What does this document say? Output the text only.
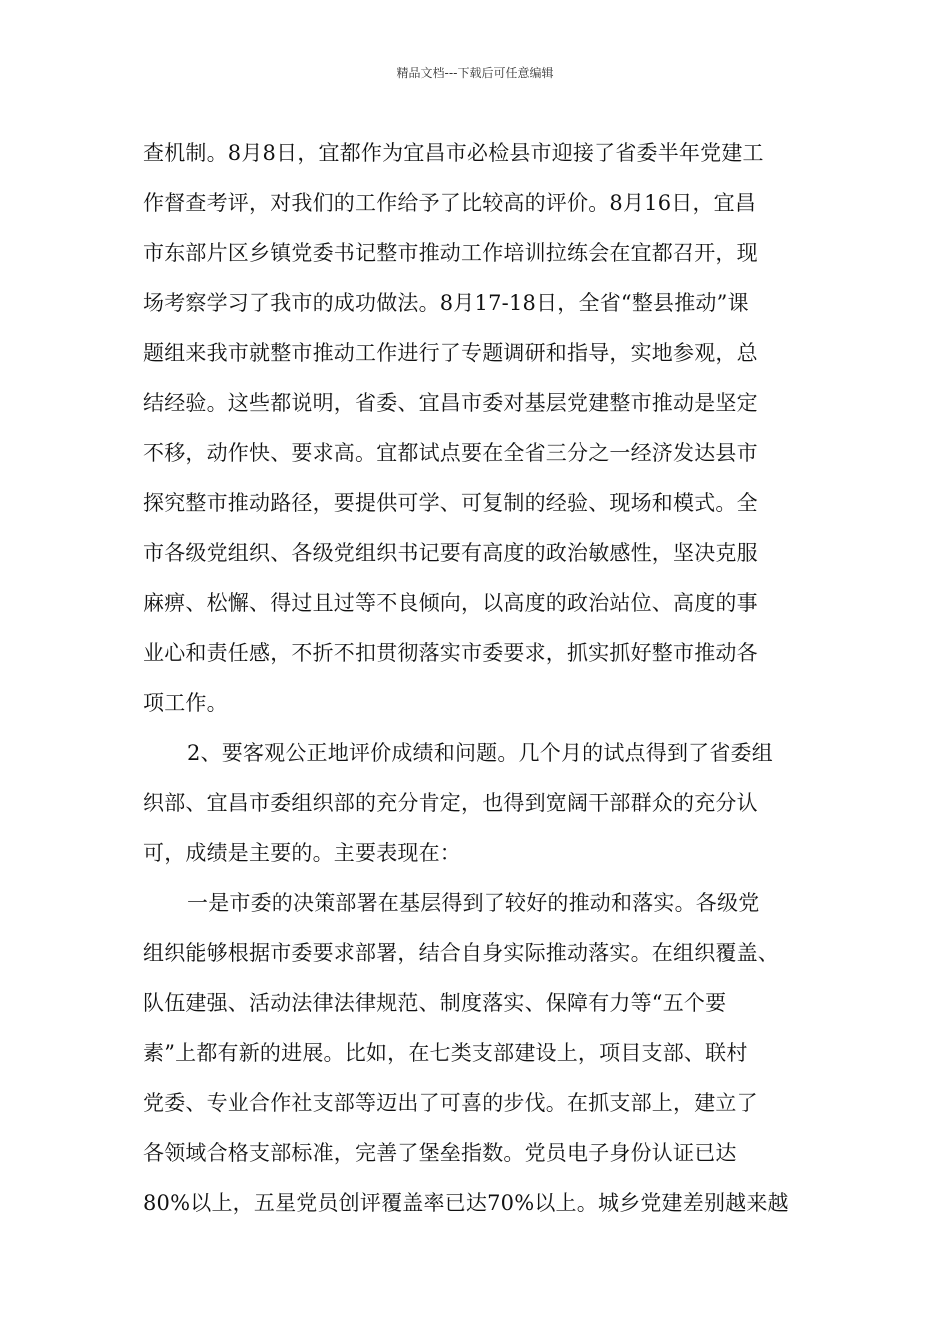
精品文档---下载后可任意编辑
查机制。8月8日，宜都作为宜昌市必检县市迎接了省委半年党建工
作督查考评，对我们的工作给予了比较高的评价。8月16日，宜昌
市东部片区乡镇党委书记整市推动工作培训拉练会在宜都召开，现
场考察学习了我市的成功做法。8月17-18日，全省“整县推动”课
题组来我市就整市推动工作进行了专题调研和指导，实地参观，总
结经验。这些都说明，省委、宜昌市委对基层党建整市推动是坚定
不移，动作快、要求高。宜都试点要在全省三分之一经济发达县市
探究整市推动路径，要提供可学、可复制的经验、现场和模式。全
市各级党组织、各级党组织书记要有高度的政治敏感性，坚决克服
麻痹、松懈、得过且过等不良倾向，以高度的政治站位、高度的事
业心和责任感，不折不扣贯彻落实市委要求，抓实抓好整市推动各
项工作。
2、要客观公正地评价成绩和问题。几个月的试点得到了省委组
织部、宜昌市委组织部的充分肯定，也得到宽阔干部群众的充分认
可，成绩是主要的。主要表现在：
一是市委的决策部署在基层得到了较好的推动和落实。各级党
组织能够根据市委要求部署，结合自身实际推动落实。在组织覆盖、
队伍建强、活动法律法律规范、制度落实、保障有力等“五个要
素”上都有新的进展。比如，在七类支部建设上，项目支部、联村
党委、专业合作社支部等迈出了可喜的步伐。在抓支部上，建立了
各领域合格支部标准，完善了堡垒指数。党员电子身份认证已达
80%以上，五星党员创评覆盖率已达70%以上。城乡党建差别越来越
